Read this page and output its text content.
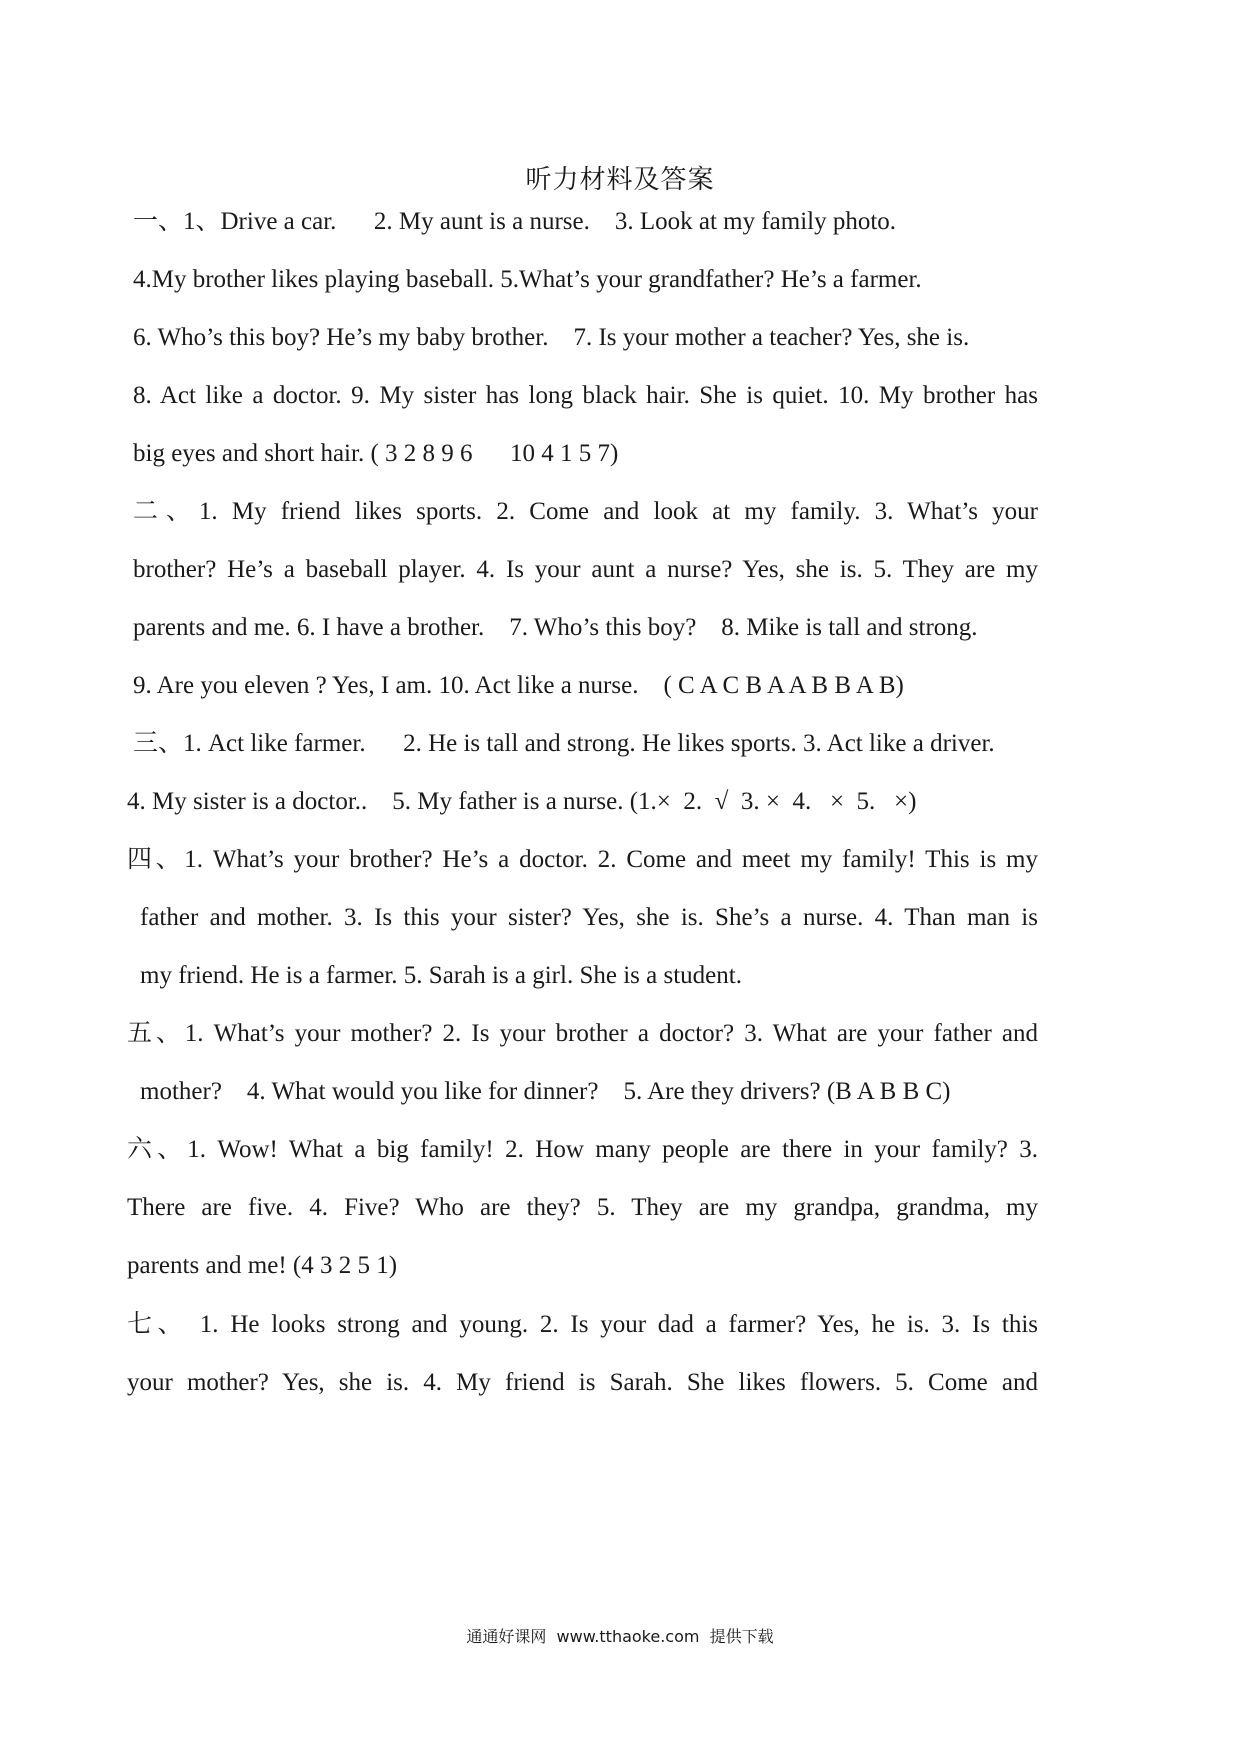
听力材料及答案
一、1、Drive a car.      2. My aunt is a nurse.    3. Look at my family photo.
4.My brother likes playing baseball. 5.What’s your grandfather? He’s a farmer.
6. Who’s this boy? He’s my baby brother.    7. Is your mother a teacher? Yes, she is.
8. Act like a doctor. 9. My sister has long black hair. She is quiet. 10. My brother has
big eyes and short hair. ( 3 2 8 9 6      10 4 1 5 7)
二、1. My friend likes sports. 2. Come and look at my family. 3. What’s your
brother? He’s a baseball player. 4. Is your aunt a nurse? Yes, she is. 5. They are my
parents and me. 6. I have a brother.    7. Who’s this boy?    8. Mike is tall and strong.
9. Are you eleven ? Yes, I am. 10. Act like a nurse.    ( C A C B A A B B A B)
三、1. Act like farmer.      2. He is tall and strong. He likes sports. 3. Act like a driver.
4. My sister is a doctor..    5. My father is a nurse. (1.×  2.  √  3. ×  4.   ×  5.   ×)
四、1. What’s your brother? He’s a doctor. 2. Come and meet my family! This is my
father and mother. 3. Is this your sister? Yes, she is. She’s a nurse. 4. Than man is
my friend. He is a farmer. 5. Sarah is a girl. She is a student.
五、1. What’s your mother? 2. Is your brother a doctor? 3. What are your father and
mother?    4. What would you like for dinner?    5. Are they drivers? (B A B B C)
六、1. Wow! What a big family! 2. How many people are there in your family? 3.
There are five. 4. Five? Who are they? 5. They are my grandpa, grandma, my
parents and me! (4 3 2 5 1)
七、 1. He looks strong and young. 2. Is your dad a farmer? Yes, he is. 3. Is this
your mother? Yes, she is. 4. My friend is Sarah. She likes flowers. 5. Come and
通通好课网  www.tthaoke.com  提供下载
